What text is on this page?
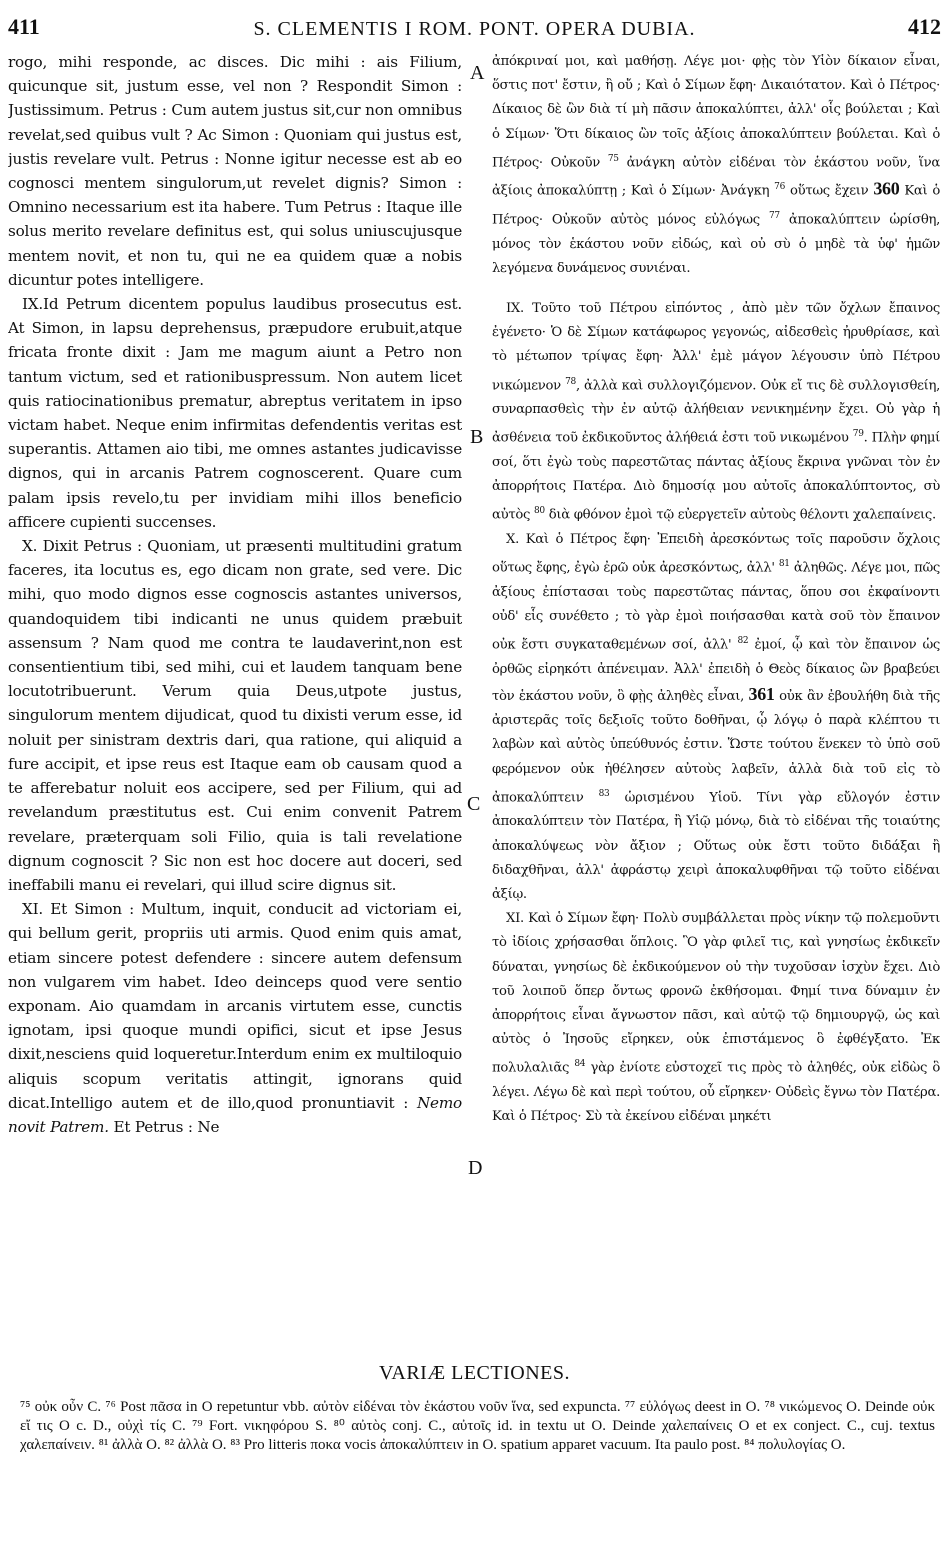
411	S. CLEMENTIS I ROM. PONT. OPERA DUBIA.	412

rogo, mihi responde, ac disces. Dic mihi : ais Filium, quicunque sit, justum esse, vel non ? Respondit Simon : Justissimum. Petrus : Cum autem justus sit,cur non omnibus revelat,sed quibus vult ? Ac Simon : Quoniam qui justus est, justis revelare vult. Petrus : Nonne igitur necesse est ab eo cognosci mentem singulorum,ut revelet dignis? Simon : Omnino necessarium est ita habere. Tum Petrus : Itaque ille solus merito revelare definitus est, qui solus uniuscujusque mentem novit, et non tu, qui ne ea quidem quæ a nobis dicuntur potes intelligere.

IX.Id Petrum dicentem populus laudibus prosecutus est. At Simon, in lapsu deprehensus, præpudore erubuit,atque fricata fronte dixit : Jam me magum aiunt a Petro non tantum victum, sed et rationibuspressum. Non autem licet quis ratiocinationibus prematur, abreptus veritatem in ipso victam habet. Neque enim infirmitas defendentis veritas est superantis. Attamen aio tibi, me omnes astantes judicavisse dignos, qui in arcanis Patrem cognoscerent. Quare cum palam ipsis revelo,tu per invidiam mihi illos beneficio afficere cupienti succenses.

X. Dixit Petrus : Quoniam, ut præsenti multitudini gratum faceres, ita locutus es, ego dicam non grate, sed vere. Dic mihi, quo modo dignos esse cognoscis astantes universos, quandoquidem tibi indicanti ne unus quidem præbuit assensum ? Nam quod me contra te laudaverint,non est consentientium tibi, sed mihi, cui et laudem tanquam bene locutotribuerunt. Verum quia Deus,utpote justus, singulorum mentem dijudicat, quod tu dixisti verum esse, id noluit per sinistram dextris dari, qua ratione, qui aliquid a fure accipit, et ipse reus est Itaque eam ob causam quod a te afferebatur noluit eos accipere, sed per Filium, qui ad revelandum præstitutus est. Cui enim convenit Patrem revelare, præterquam soli Filio, quia is tali revelatione dignum cognoscit ? Sic non est hoc docere aut doceri, sed ineffabili manu ei revelari, qui illud scire dignus sit.

XI. Et Simon : Multum, inquit, conducit ad victoriam ei, qui bellum gerit, propriis uti armis. Quod enim quis amat, etiam sincere potest defendere : sincere autem defensum non vulgarem vim habet. Ideo deinceps quod vere sentio exponam. Aio quamdam in arcanis virtutem esse, cunctis ignotam, ipsi quoque mundi opifici, sicut et ipse Jesus dixit,nesciens quid loqueretur.Interdum enim ex multiloquio aliquis scopum veritatis attingit, ignorans quid dicat.Intelligo autem et de illo,quod pronuntiavit : Nemo novit Patrem. Et Petrus : Ne

A
B
C
D

ἀπόκριναί μοι, καὶ μαθήσῃ. Λέγε μοι· φῂς τὸν Υἱὸν δίκαιον εἶναι, ὅστις ποτ' ἔστιν, ἢ οὔ ; Καὶ ὁ Σίμων ἔφη· Δικαιότατον. Καὶ ὁ Πέτρος· Δίκαιος δὲ ὢν διὰ τί μὴ πᾶσιν ἀποκαλύπτει, ἀλλ' οἷς βούλεται ; Καὶ ὁ Σίμων· Ὅτι δίκαιος ὢν τοῖς ἀξίοις ἀποκαλύπτειν βούλεται. Καὶ ὁ Πέτρος· Οὐκοῦν $^{75}$ ἀνάγκη αὐτὸν εἰδέναι τὸν ἑκάστου νοῦν, ἵνα ἀξίοις ἀποκαλύπτῃ ; Καὶ ὁ Σίμων· Ἀνάγκη $^{76}$ οὕτως ἔχειν 360 Καὶ ὁ Πέτρος· Οὐκοῦν αὐτὸς μόνος εὐλόγως $^{77}$ ἀποκαλύπτειν ὡρίσθη, μόνος τὸν ἑκάστου νοῦν εἰδώς, καὶ οὐ σὺ ὁ μηδὲ τὰ ὑφ' ἡμῶν λεγόμενα δυνάμενος συνιέναι.

IX. Τοῦτο τοῦ Πέτρου εἰπόντος , ἀπὸ μὲν τῶν ὄχλων ἔπαινος ἐγένετο· Ὁ δὲ Σίμων κατάφωρος γεγονώς, αἰδεσθεὶς ἠρυθρίασε, καὶ τὸ μέτωπον τρίψας ἔφη· Ἀλλ' ἐμὲ μάγον λέγουσιν ὑπὸ Πέτρου νικώμενον $^{78}$, ἀλλὰ καὶ συλλογιζόμενον. Οὐκ εἴ τις δὲ συλλογισθείη, συναρπασθεὶς τὴν ἐν αὐτῷ ἀλήθειαν νενικημένην ἔχει. Οὐ γὰρ ἡ ἀσθένεια τοῦ ἐκδικοῦντος ἀλήθειά ἐστι τοῦ νικωμένου $^{79}$. Πλὴν φημί σοί, ὅτι ἐγὼ τοὺς παρεστῶτας πάντας ἀξίους ἔκρινα γνῶναι τὸν ἐν ἀπορρήτοις Πατέρα. Διὸ δημοσίᾳ μου αὐτοῖς ἀποκαλύπτοντος, σὺ αὐτὸς $^{80}$ διὰ φθόνον ἐμοὶ τῷ εὐεργετεῖν αὐτοὺς θέλοντι χαλεπαίνεις.

X. Καὶ ὁ Πέτρος ἔφη· Ἐπειδὴ ἀρεσκόντως τοῖς παροῦσιν ὄχλοις οὕτως ἔφης, ἐγὼ ἐρῶ οὐκ ἀρεσκόντως, ἀλλ' $^{81}$ ἀληθῶς. Λέγε μοι, πῶς ἀξίους ἐπίστασαι τοὺς παρεστῶτας πάντας, ὅπου σοι ἐκφαίνοντι οὐδ' εἷς συνέθετο ; τὸ γὰρ ἐμοὶ ποιήσασθαι κατὰ σοῦ τὸν ἔπαινον οὐκ ἔστι συγκαταθεμένων σοί, ἀλλ' $^{82}$ ἐμοί, ᾧ καὶ τὸν ἔπαινον ὡς ὀρθῶς εἰρηκότι ἀπένειμαν. Ἀλλ' ἐπειδὴ ὁ Θεὸς δίκαιος ὢν βραβεύει τὸν ἑκάστου νοῦν, ὃ φῂς ἀληθὲς εἶναι, 361 οὐκ ἂν ἐβουλήθη διὰ τῆς ἀριστερᾶς τοῖς δεξιοῖς τοῦτο δοθῆναι, ᾧ λόγῳ ὁ παρὰ κλέπτου τι λαβὼν καὶ αὐτὸς ὑπεύθυνός ἐστιν. Ὥστε τούτου ἕνεκεν τὸ ὑπὸ σοῦ φερόμενον οὐκ ἠθέλησεν αὐτοὺς λαβεῖν, ἀλλὰ διὰ τοῦ εἰς τὸ ἀποκαλύπτειν $^{83}$ ὡρισμένου Υἱοῦ. Τίνι γὰρ εὔλογόν ἐστιν ἀποκαλύπτειν τὸν Πατέρα, ἢ Υἱῷ μόνῳ, διὰ τὸ εἰδέναι τῆς τοιαύτης ἀποκαλύψεως νὸν ἄξιον ; Οὕτως οὐκ ἔστι τοῦτο διδάξαι ἢ διδαχθῆναι, ἀλλ' ἀφράστῳ χειρὶ ἀποκαλυφθῆναι τῷ τοῦτο εἰδέναι ἀξίῳ.

XI. Καὶ ὁ Σίμων ἔφη· Πολὺ συμβάλλεται πρὸς νίκην τῷ πολεμοῦντι τὸ ἰδίοις χρήσασθαι ὅπλοις. Ὃ γὰρ φιλεῖ τις, καὶ γνησίως ἐκδικεῖν δύναται, γνησίως δὲ ἐκδικούμενον οὐ τὴν τυχοῦσαν ἰσχὺν ἔχει. Διὸ τοῦ λοιποῦ ὅπερ ὄντως φρονῶ ἐκθήσομαι. Φημί τινα δύναμιν ἐν ἀπορρήτοις εἶναι ἄγνωστον πᾶσι, καὶ αὐτῷ τῷ δημιουργῷ, ὡς καὶ αὐτὸς ὁ Ἰησοῦς εἴρηκεν, οὐκ ἐπιστάμενος ὃ ἐφθέγξατο. Ἐκ πολυλαλιᾶς $^{84}$ γὰρ ἐνίοτε εὐστοχεῖ τις πρὸς τὸ ἀληθές, οὐκ εἰδὼς ὃ λέγει. Λέγω δὲ καὶ περὶ τούτου, οὗ εἴρηκεν· Οὐδεὶς ἔγνω τὸν Πατέρα. Καὶ ὁ Πέτρος· Σὺ τὰ ἐκείνου εἰδέναι μηκέτι

VARIÆ LECTIONES.
⁷⁵ οὐκ οὖν C. ⁷⁶ Post πᾶσα in O repetuntur vbb. αὐτὸν εἰδέναι τὸν ἑκάστου νοῦν ἵνα, sed expuncta. ⁷⁷ εὐλόγως deest in O. ⁷⁸ νικώμενος O. Deinde οὐκ εἴ τις O c. D., οὐχὶ τίς C. ⁷⁹ Fort. νικηφόρου S. ⁸⁰ αὐτὸς conj. C., αὐτοῖς id. in textu ut O. Deinde χαλεπαίνεις O et ex conject. C., cuj. textus χαλεπαίνειν. ⁸¹ ἀλλὰ O. ⁸² ἀλλὰ O. ⁸³ Pro litteris ποκα vocis ἀποκαλύπτειν in O. spatium apparet vacuum. Ita paulo post. ⁸⁴ πολυλογίας O.
